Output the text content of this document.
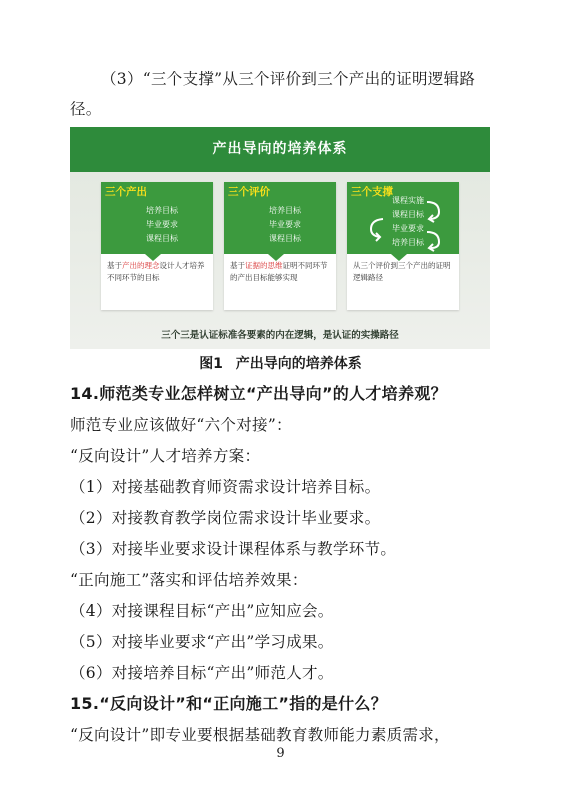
（3）“三个支撑”从三个评价到三个产出的证明逻辑路径。
产出导向的培养体系
三个产出
培养目标
毕业要求
课程目标
基于产出的理念设计人才培养不同环节的目标
三个评价
培养目标
毕业要求
课程目标
基于证据的思维证明不同环节的产出目标能够实现
三个支撑
课程实施
课程目标
毕业要求
培养目标
从三个评价到三个产出的证明逻辑路径
三个三是认证标准各要素的内在逻辑，是认证的实操路径
图1 产出导向的培养体系
14.师范类专业怎样树立“产出导向”的人才培养观？
师范专业应该做好“六个对接”：
“反向设计”人才培养方案：
（1）对接基础教育师资需求设计培养目标。
（2）对接教育教学岗位需求设计毕业要求。
（3）对接毕业要求设计课程体系与教学环节。
“正向施工”落实和评估培养效果：
（4）对接课程目标“产出”应知应会。
（5）对接毕业要求“产出”学习成果。
（6）对接培养目标“产出”师范人才。
15.“反向设计”和“正向施工”指的是什么？
“反向设计”即专业要根据基础教育教师能力素质需求，
9
